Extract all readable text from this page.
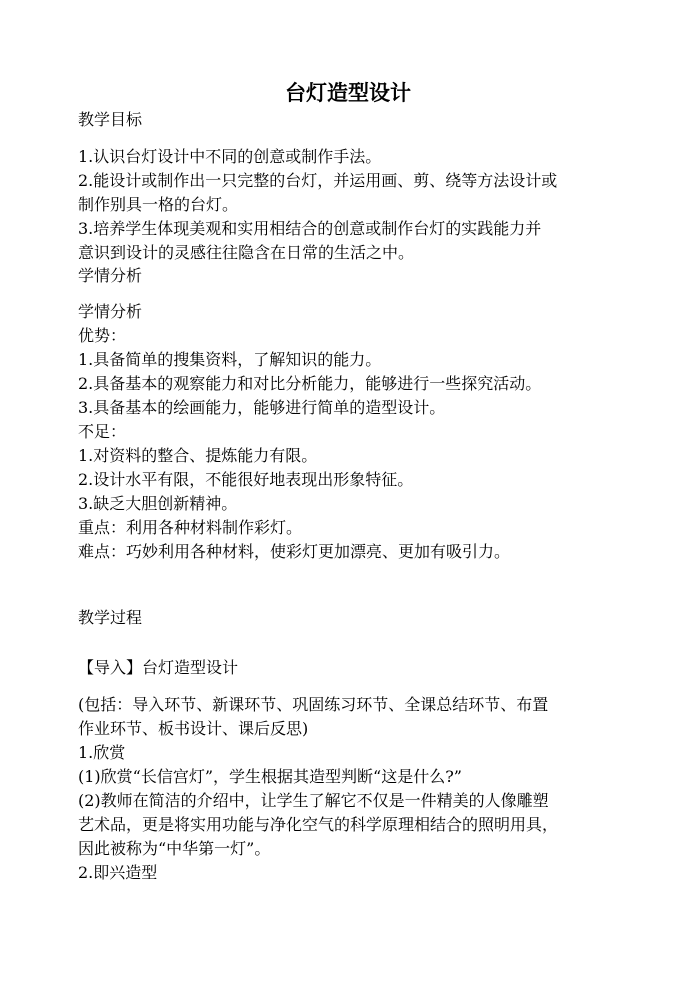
台灯造型设计
教学目标
1.认识台灯设计中不同的创意或制作手法。
2.能设计或制作出一只完整的台灯，并运用画、剪、绕等方法设计或
制作别具一格的台灯。
3.培养学生体现美观和实用相结合的创意或制作台灯的实践能力并
意识到设计的灵感往往隐含在日常的生活之中。
学情分析
学情分析
优势：
1.具备简单的搜集资料，了解知识的能力。
2.具备基本的观察能力和对比分析能力，能够进行一些探究活动。
3.具备基本的绘画能力，能够进行简单的造型设计。
不足：
1.对资料的整合、提炼能力有限。
2.设计水平有限，不能很好地表现出形象特征。
3.缺乏大胆创新精神。
重点：利用各种材料制作彩灯。
难点：巧妙利用各种材料，使彩灯更加漂亮、更加有吸引力。
教学过程
【导入】台灯造型设计
(包括：导入环节、新课环节、巩固练习环节、全课总结环节、布置
作业环节、板书设计、课后反思)
1.欣赏
(1)欣赏“长信宫灯”，学生根据其造型判断“这是什么?”
(2)教师在简洁的介绍中，让学生了解它不仅是一件精美的人像雕塑
艺术品，更是将实用功能与净化空气的科学原理相结合的照明用具，
因此被称为“中华第一灯”。
2.即兴造型
